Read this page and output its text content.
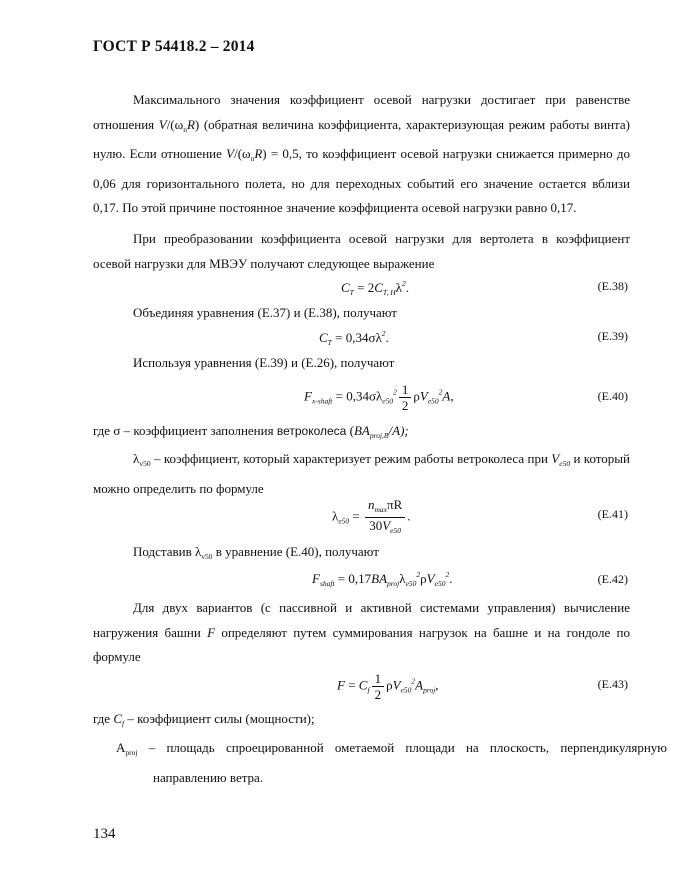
ГОСТ Р 54418.2 – 2014
Максимального значения коэффициент осевой нагрузки достигает при равенстве отношения $V/(\omega_nR)$ (обратная величина коэффициента, характеризующая режим работы винта) нулю. Если отношение $V/(\omega_nR) = 0,5$, то коэффициент осевой нагрузки снижается примерно до 0,06 для горизонтального полета, но для переходных событий его значение остается вблизи 0,17. По этой причине постоянное значение коэффициента осевой нагрузки равно 0,17.
При преобразовании коэффициента осевой нагрузки для вертолета в коэффициент осевой нагрузки для МВЭУ получают следующее выражение
$C_T = 2C_{T, H}\lambda^2$.	(Е.38)
Объединяя уравнения (Е.37) и (Е.38), получают
$C_T = 0,34\sigma\lambda^2$.	(Е.39)
Используя уравнения (Е.39) и (Е.26), получают
$F_{x-shaft} = 0,34\sigma\lambda_{e50}^2 \frac{1}{2} \rho V_{e50}^2A$,	(Е.40)
где σ – коэффициент заполнения ветроколеса $(BA_{proj,B}/A)$;
$\lambda_{v50}$ – коэффициент, который характеризует режим работы ветроколеса при $V_{e50}$ и который можно определить по формуле
$\lambda_{e50} = \frac{n_{max}\pi R}{30V_{e50}}$ .	(Е.41)
Подставив $\lambda_{v50}$ в уравнение (Е.40), получают
$F_{shaft} = 0,17BA_{proj}\lambda_{e50}^2\rho V_{e50}^2$.	(Е.42)
Для двух вариантов (с пассивной и активной системами управления) вычисление нагружения башни F определяют путем суммирования нагрузок на башне и на гондоле по формуле
$F = C_f \frac{1}{2} \rho V_{e50}^2A_{proj}$,	(Е.43)
где $C_f$ – коэффициент силы (мощности);
$A_{proj}$ – площадь спроецированной ометаемой площади на плоскость, перпендикулярную направлению ветра.
134
